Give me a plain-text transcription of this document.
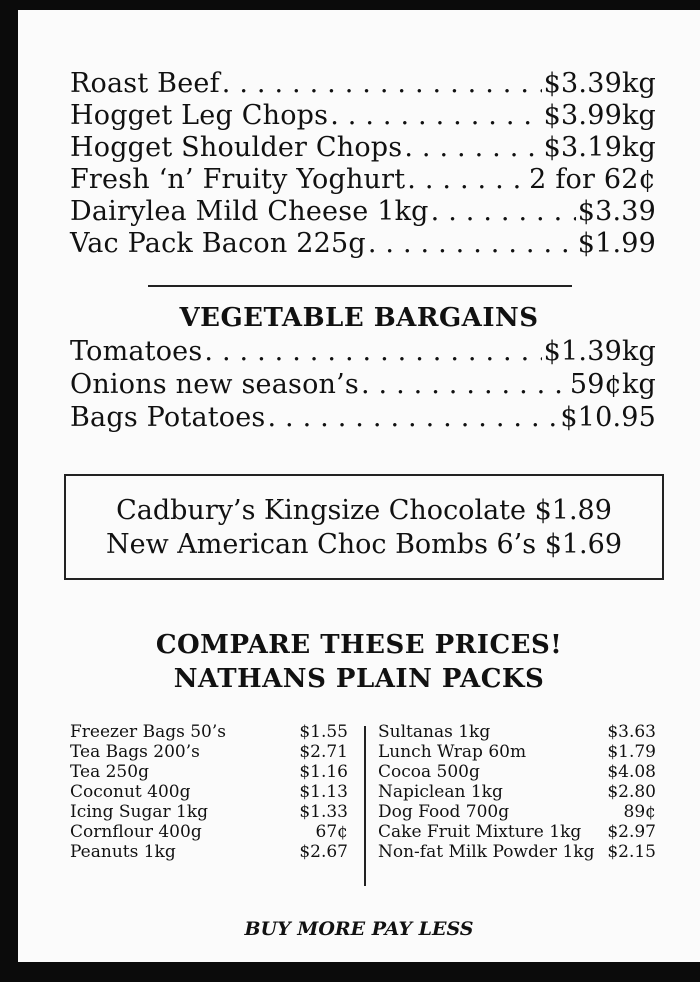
Roast Beef . . .	$3.39kg
Hogget Leg Chops . . .	$3.99kg
Hogget Shoulder Chops . . .	$3.19kg
Fresh ‘n’ Fruity Yoghurt . . .	2 for 62¢
Dairylea Mild Cheese 1kg . . .	$3.39
Vac Pack Bacon 225g . . .	$1.99
VEGETABLE BARGAINS
Tomatoes . . .	$1.39kg
Onions new season’s . . .	59¢kg
Bags Potatoes . . .	$10.95
Cadbury’s Kingsize Chocolate $1.89
New American Choc Bombs 6’s $1.69
COMPARE THESE PRICES!
NATHANS PLAIN PACKS
Freezer Bags 50’s	$1.55
Tea Bags 200’s	$2.71
Tea 250g	$1.16
Coconut 400g	$1.13
Icing Sugar 1kg	$1.33
Cornflour 400g	67¢
Peanuts 1kg	$2.67
Sultanas 1kg	$3.63
Lunch Wrap 60m	$1.79
Cocoa 500g	$4.08
Napiclean 1kg	$2.80
Dog Food 700g	89¢
Cake Fruit Mixture 1kg $2.97
Non-fat Milk Powder 1kg $2.15
BUY MORE PAY LESS
